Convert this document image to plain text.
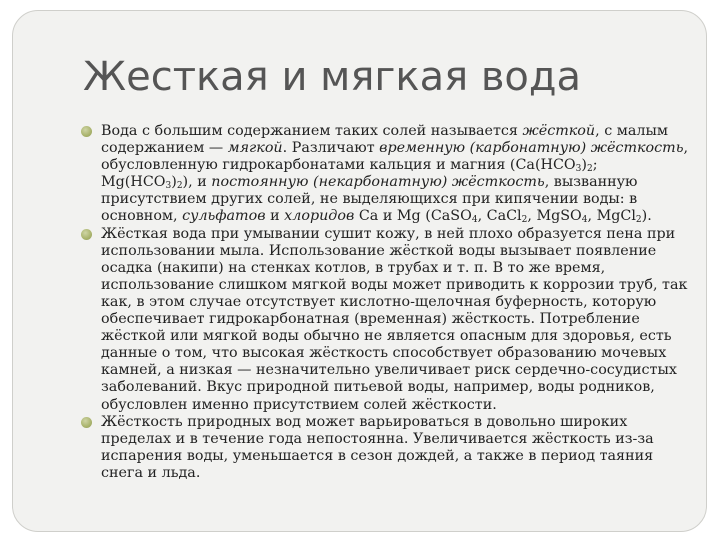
Жесткая и мягкая вода
Вода с большим содержанием таких солей называется жёсткой, с малым содержанием — мягкой. Различают временную (карбонатную) жёсткость, обусловленную гидрокарбонатами кальция и магния ($Ca(HCO_3)_2$; $Mg(HCO_3)_2$), и постоянную (некарбонатную) жёсткость, вызванную присутствием других солей, не выделяющихся при кипячении воды: в основном, сульфатов и хлоридов Ca и Mg (CaSO$_4$, CaCl$_2$, MgSO$_4$, MgCl$_2$).
Жёсткая вода при умывании сушит кожу, в ней плохо образуется пена при использовании мыла. Использование жёсткой воды вызывает появление осадка (накипи) на стенках котлов, в трубах и т. п. В то же время, использование слишком мягкой воды может приводить к коррозии труб, так как, в этом случае отсутствует кислотно-щелочная буферность, которую обеспечивает гидрокарбонатная (временная) жёсткость. Потребление жёсткой или мягкой воды обычно не является опасным для здоровья, есть данные о том, что высокая жёсткость способствует образованию мочевых камней, а низкая — незначительно увеличивает риск сердечно-сосудистых заболеваний. Вкус природной питьевой воды, например, воды родников, обусловлен именно присутствием солей жёсткости.
Жёсткость природных вод может варьироваться в довольно широких пределах и в течение года непостоянна. Увеличивается жёсткость из-за испарения воды, уменьшается в сезон дождей, а также в период таяния снега и льда.
